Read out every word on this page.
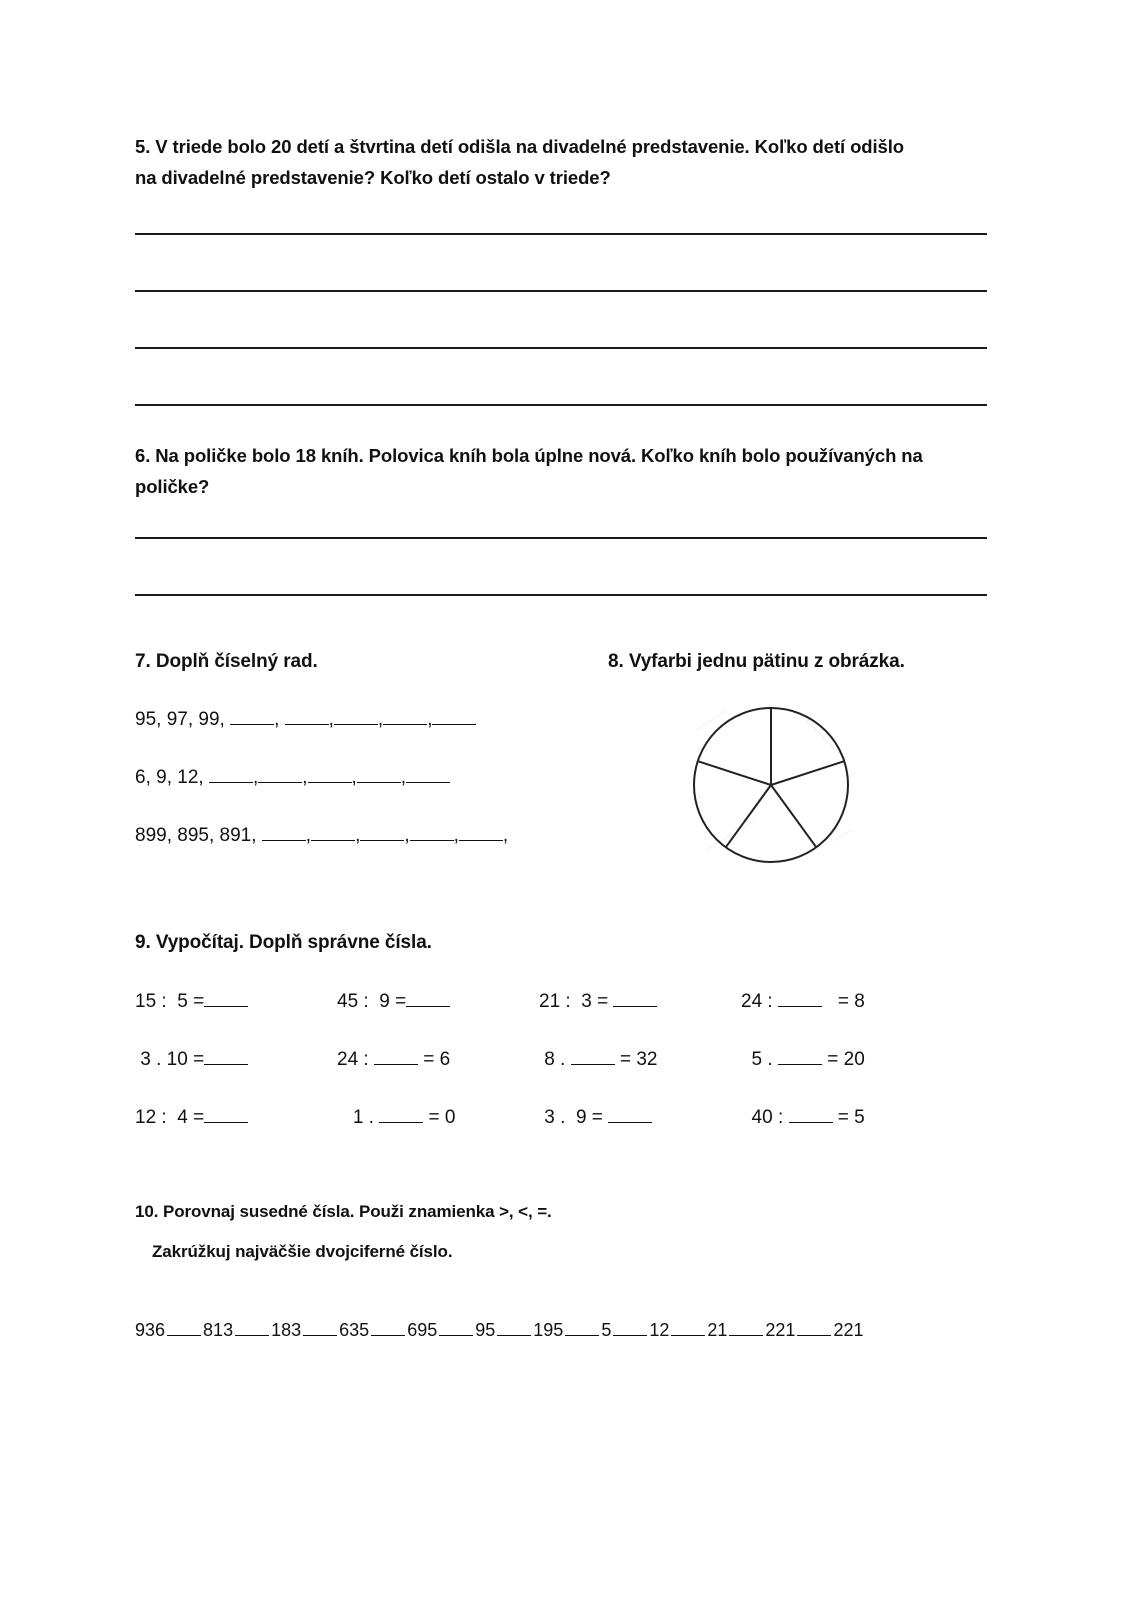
5. V triede bolo 20 detí a štvrtina detí odišla na divadelné predstavenie. Koľko detí odišlo
na divadelné predstavenie? Koľko detí ostalo v triede?
6. Na poličke bolo 18 kníh. Polovica kníh bola úplne nová. Koľko kníh bolo používaných na
poličke?
7. Doplň číselný rad.
95, 97, 99, , , , ,
6, 9, 12, , , , ,
899, 895, 891, , , , , ,
8. Vyfarbi jednu pätinu z obrázka.
9. Vypočítaj. Doplň správne čísla.
15 :  5 =	45 :  9 =	21 :  3 =	24 :    = 8
3 . 10 =	24 :  = 6	8 .  = 32	5 .  = 20
12 :  4 =	1 .  = 0	3 .  9 =	40 :  = 5
10. Porovnaj susedné čísla. Použi znamienka >, <, =.
Zakrúžkuj najväčšie dvojciferné číslo.
936 813 183 635 695 95 195 5 12 21 221 221
